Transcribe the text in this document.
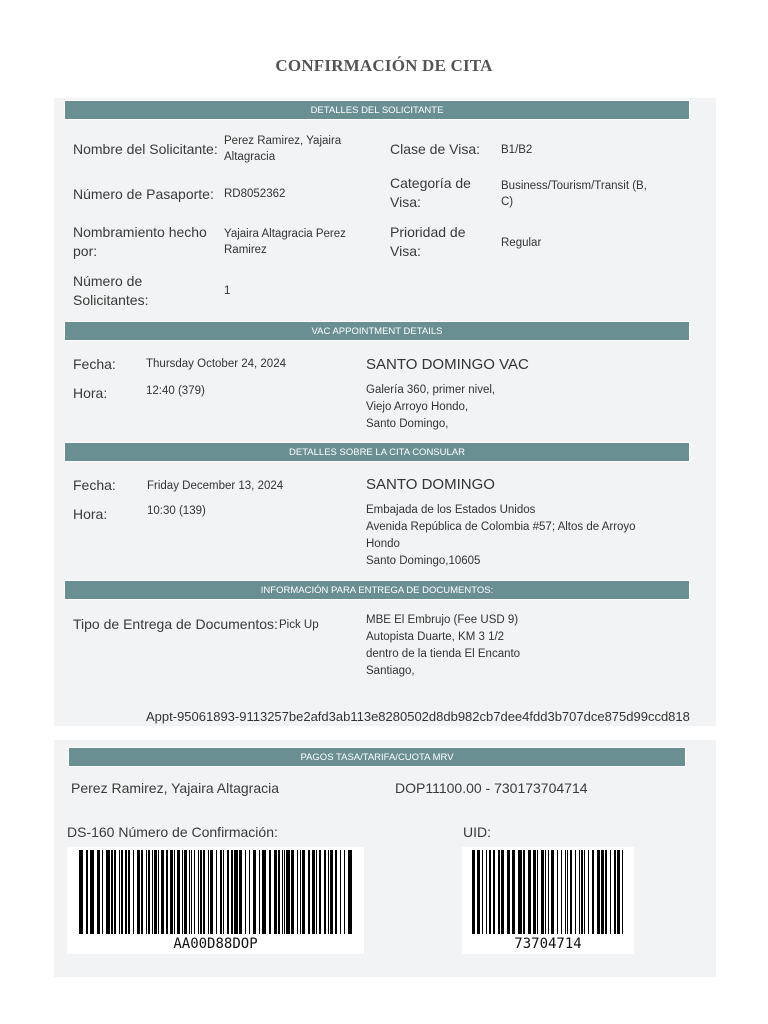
CONFIRMACIÓN DE CITA
DETALLES DEL SOLICITANTE
Nombre del Solicitante: Perez Ramirez, Yajaira Altagracia	Clase de Visa: B1/B2
Número de Pasaporte: RD8052362
Categoría de Visa:
Business/Tourism/Transit (B, C)
Nombramiento hecho por:
Yajaira Altagracia Perez Ramirez
Prioridad de Visa:	Regular
Número de Solicitantes:
1
VAC APPOINTMENT DETAILS
Fecha:	Thursday October 24, 2024	SANTO DOMINGO VAC
Hora:	12:40 (379)	Galería 360, primer nivel,
Viejo Arroyo Hondo,
Santo Domingo,
DETALLES SOBRE LA CITA CONSULAR
Fecha:	Friday December 13, 2024	SANTO DOMINGO
Hora:	10:30 (139)	Embajada de los Estados Unidos
Avenida República de Colombia #57; Altos de Arroyo
Hondo
Santo Domingo,10605
INFORMACIÓN PARA ENTREGA DE DOCUMENTOS:
Tipo de Entrega de Documentos: Pick Up	MBE El Embrujo (Fee USD 9)
Autopista Duarte, KM 3 1/2
dentro de la tienda El Encanto
Santiago,
Appt-95061893-9113257be2afd3ab113e8280502d8db982cb7dee4fdd3b707dce875d99ccd818
PAGOS TASA/TARIFA/CUOTA MRV
Perez Ramirez, Yajaira Altagracia	DOP11100.00 - 730173704714
DS-160 Número de Confirmación:	UID:
AA00D88DOP	73704714
